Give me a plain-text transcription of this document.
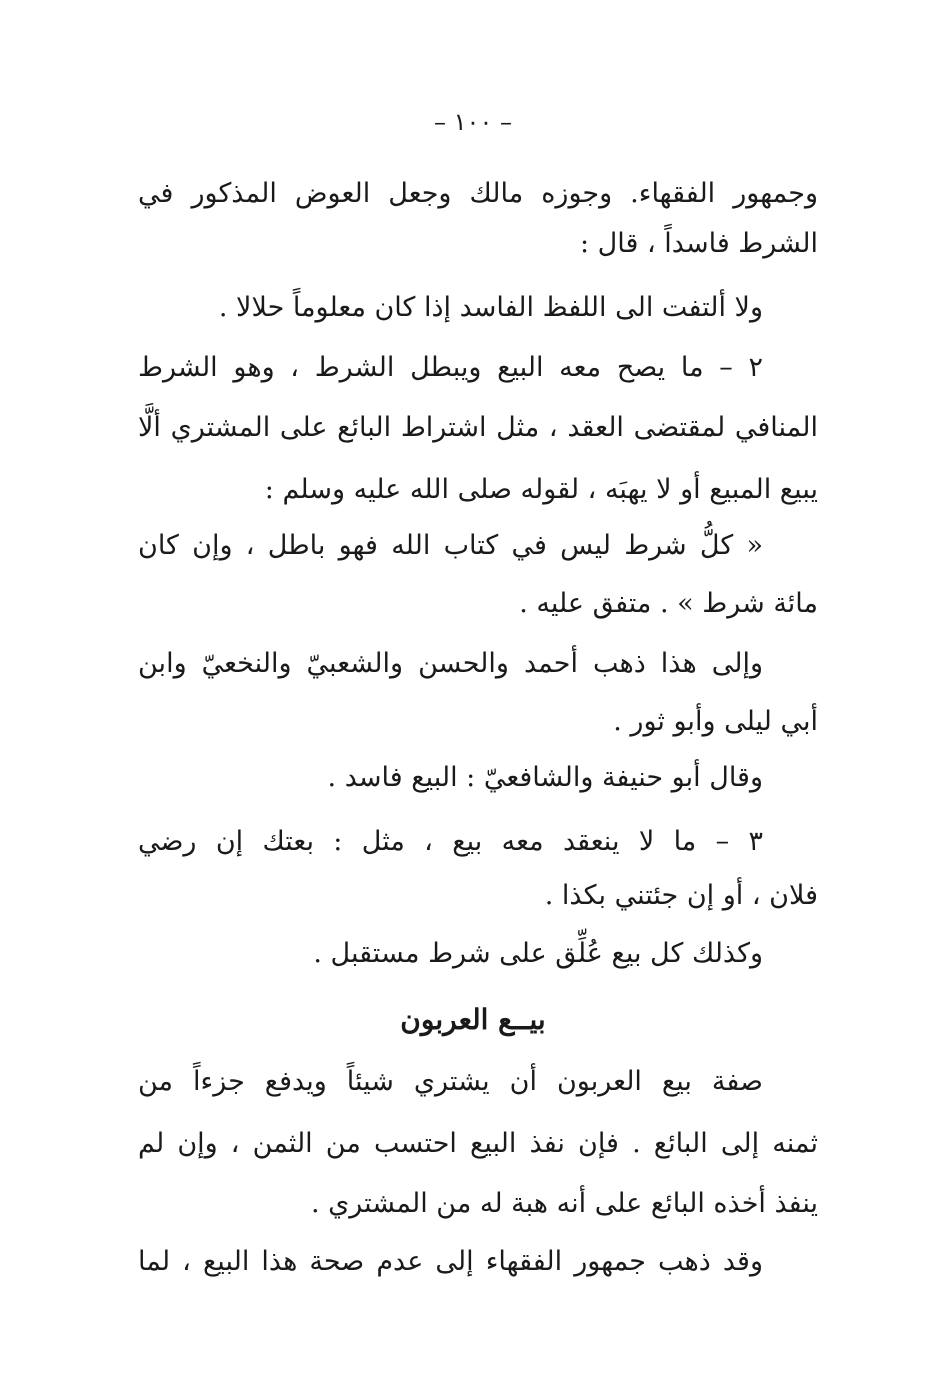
– ١٠٠ –
وجمهور الفقهاء. وجوزه مالك وجعل العوض المذكور في
الشرط فاسداً ، قال :
ولا ألتفت الى اللفظ الفاسد إذا كان معلوماً حلالا .
٢ – ما يصح معه البيع ويبطل الشرط ، وهو الشرط
المنافي لمقتضى العقد ، مثل اشتراط البائع على المشتري ألَّا
يبيع المبيع أو لا يهبَه ، لقوله صلى الله عليه وسلم :
« كلُّ شرط ليس في كتاب الله فهو باطل ، وإن كان
مائة شرط » . متفق عليه .
وإلى هذا ذهب أحمد والحسن والشعبيّ والنخعيّ وابن
أبي ليلى وأبو ثور .
وقال أبو حنيفة والشافعيّ : البيع فاسد .
٣ – ما لا ينعقد معه بيع ، مثل : بعتك إن رضي
فلان ، أو إن جئتني بكذا .
وكذلك كل بيع عُلِّق على شرط مستقبل .
بيــع العربون
صفة بيع العربون أن يشتري شيئاً ويدفع جزءاً من
ثمنه إلى البائع . فإن نفذ البيع احتسب من الثمن ، وإن لم
ينفذ أخذه البائع على أنه هبة له من المشتري .
وقد ذهب جمهور الفقهاء إلى عدم صحة هذا البيع ، لما
